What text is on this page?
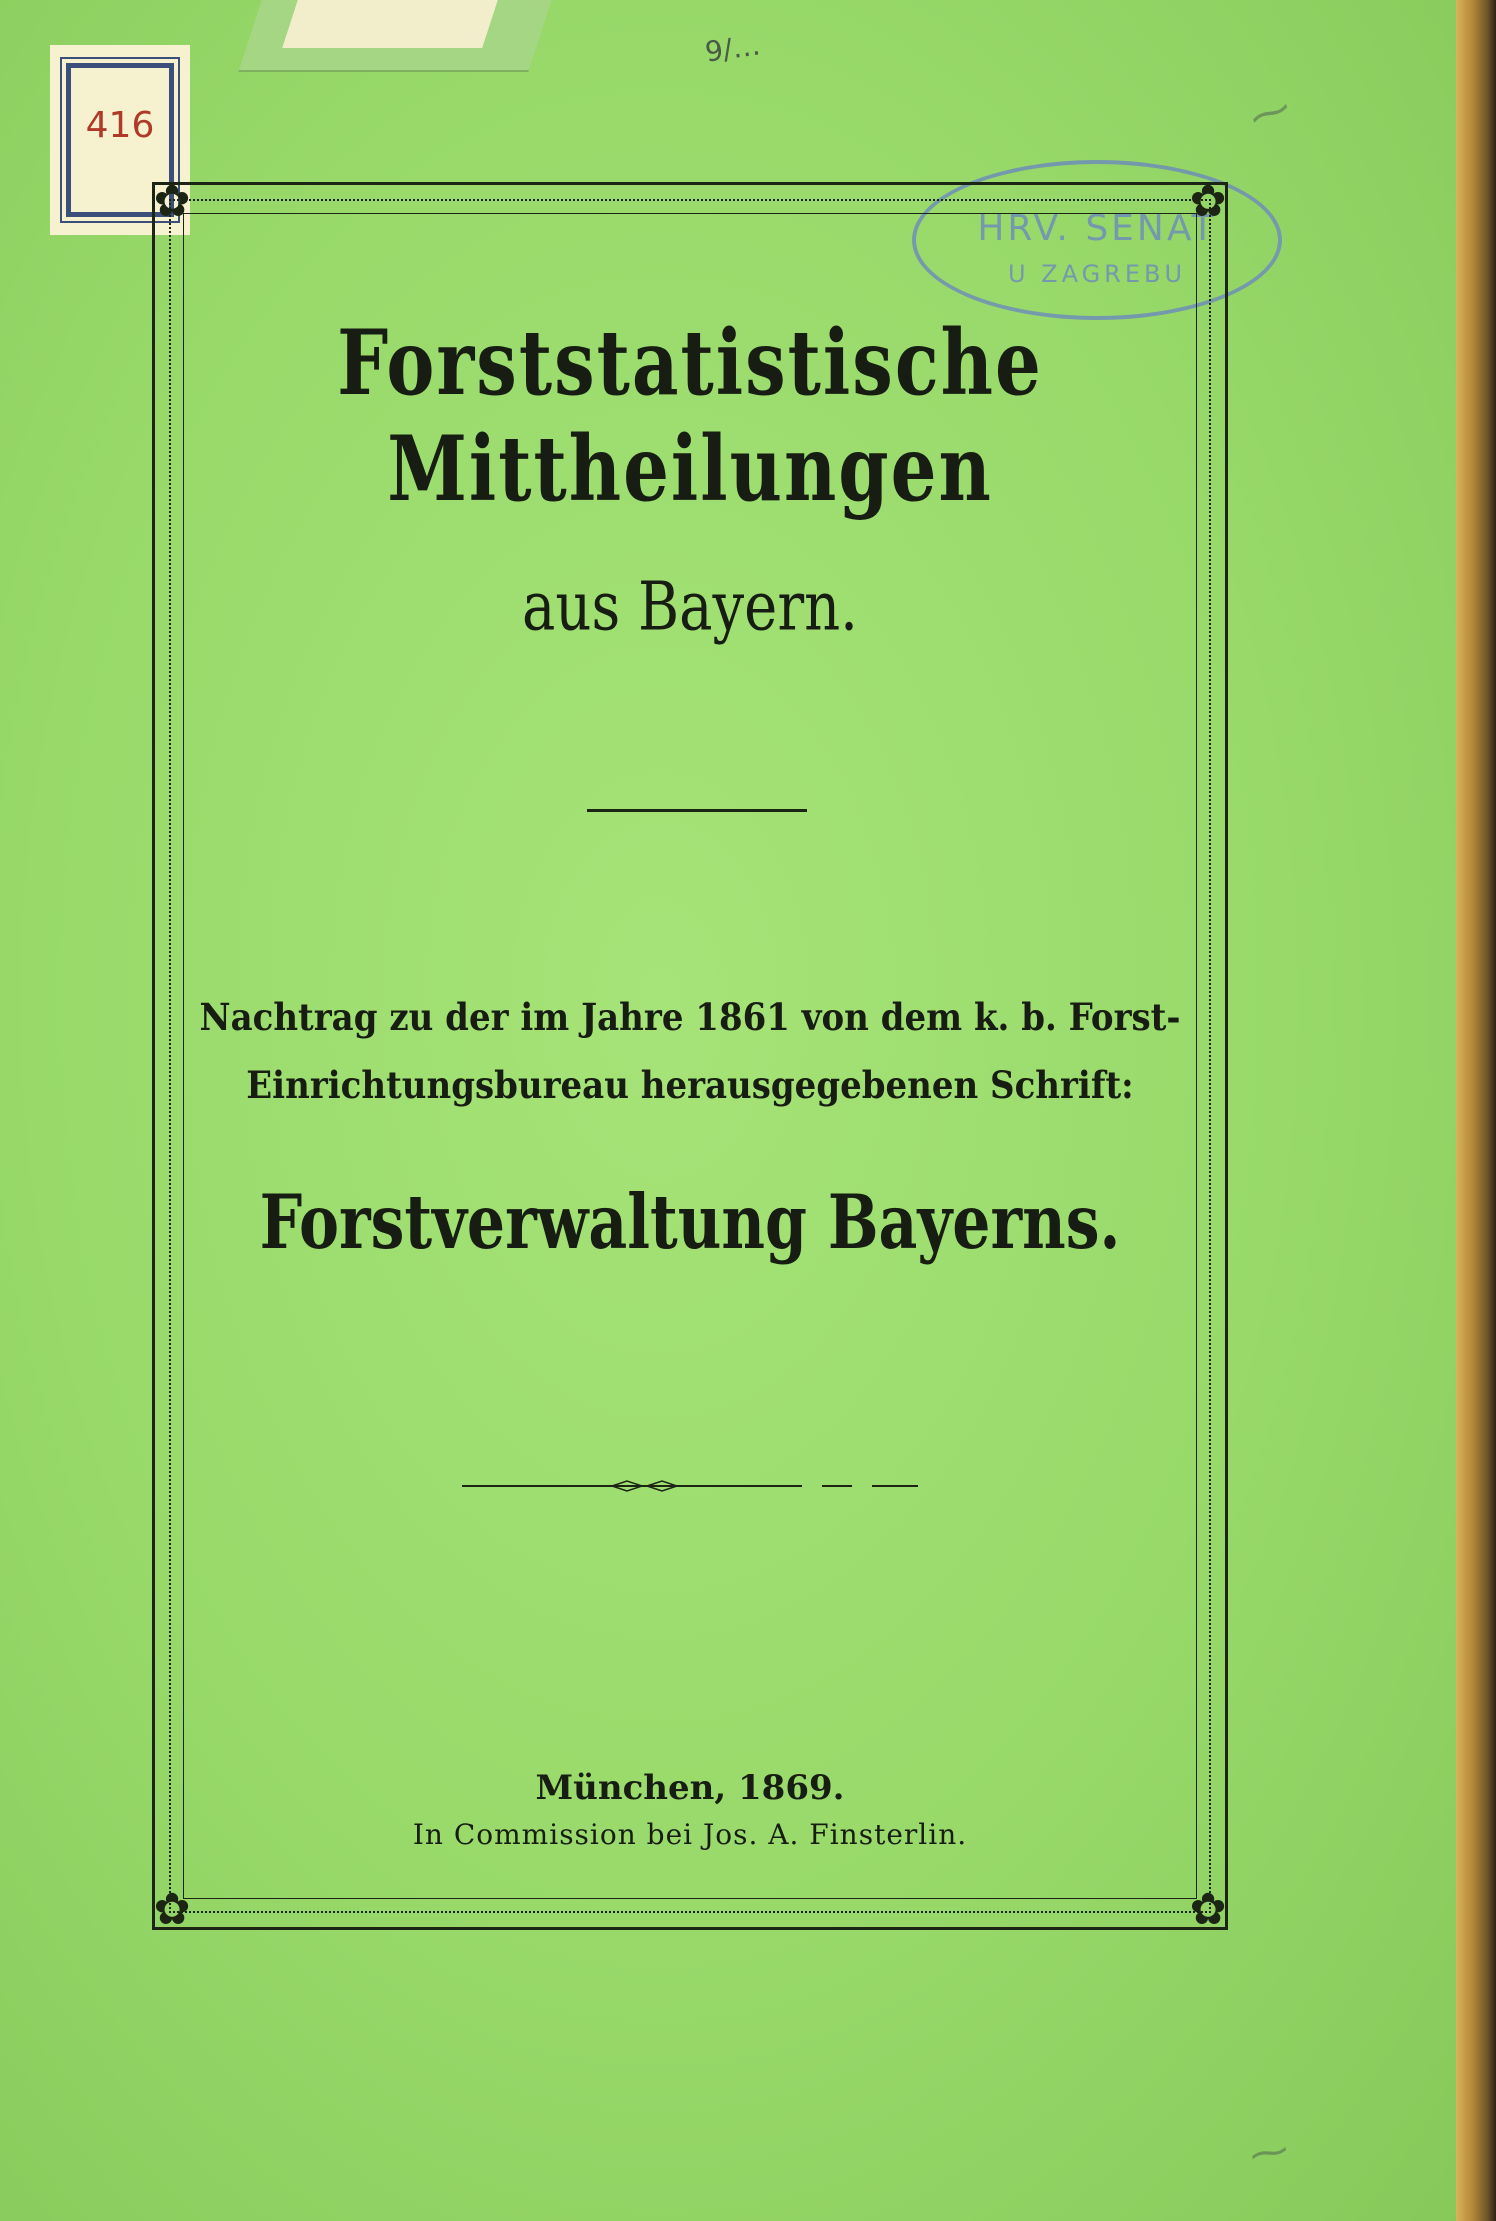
416
9/…
HRV. SENAT
U ZAGREBU
✿	✿
✿	✿
Forststatistische Mittheilungen
aus Bayern.
Nachtrag zu der im Jahre 1861 von dem k. b. Forst-
Einrichtungsbureau herausgegebenen Schrift:
Forstverwaltung Bayerns.
München, 1869.
In Commission bei Jos. A. Finsterlin.
⁓
⁓
